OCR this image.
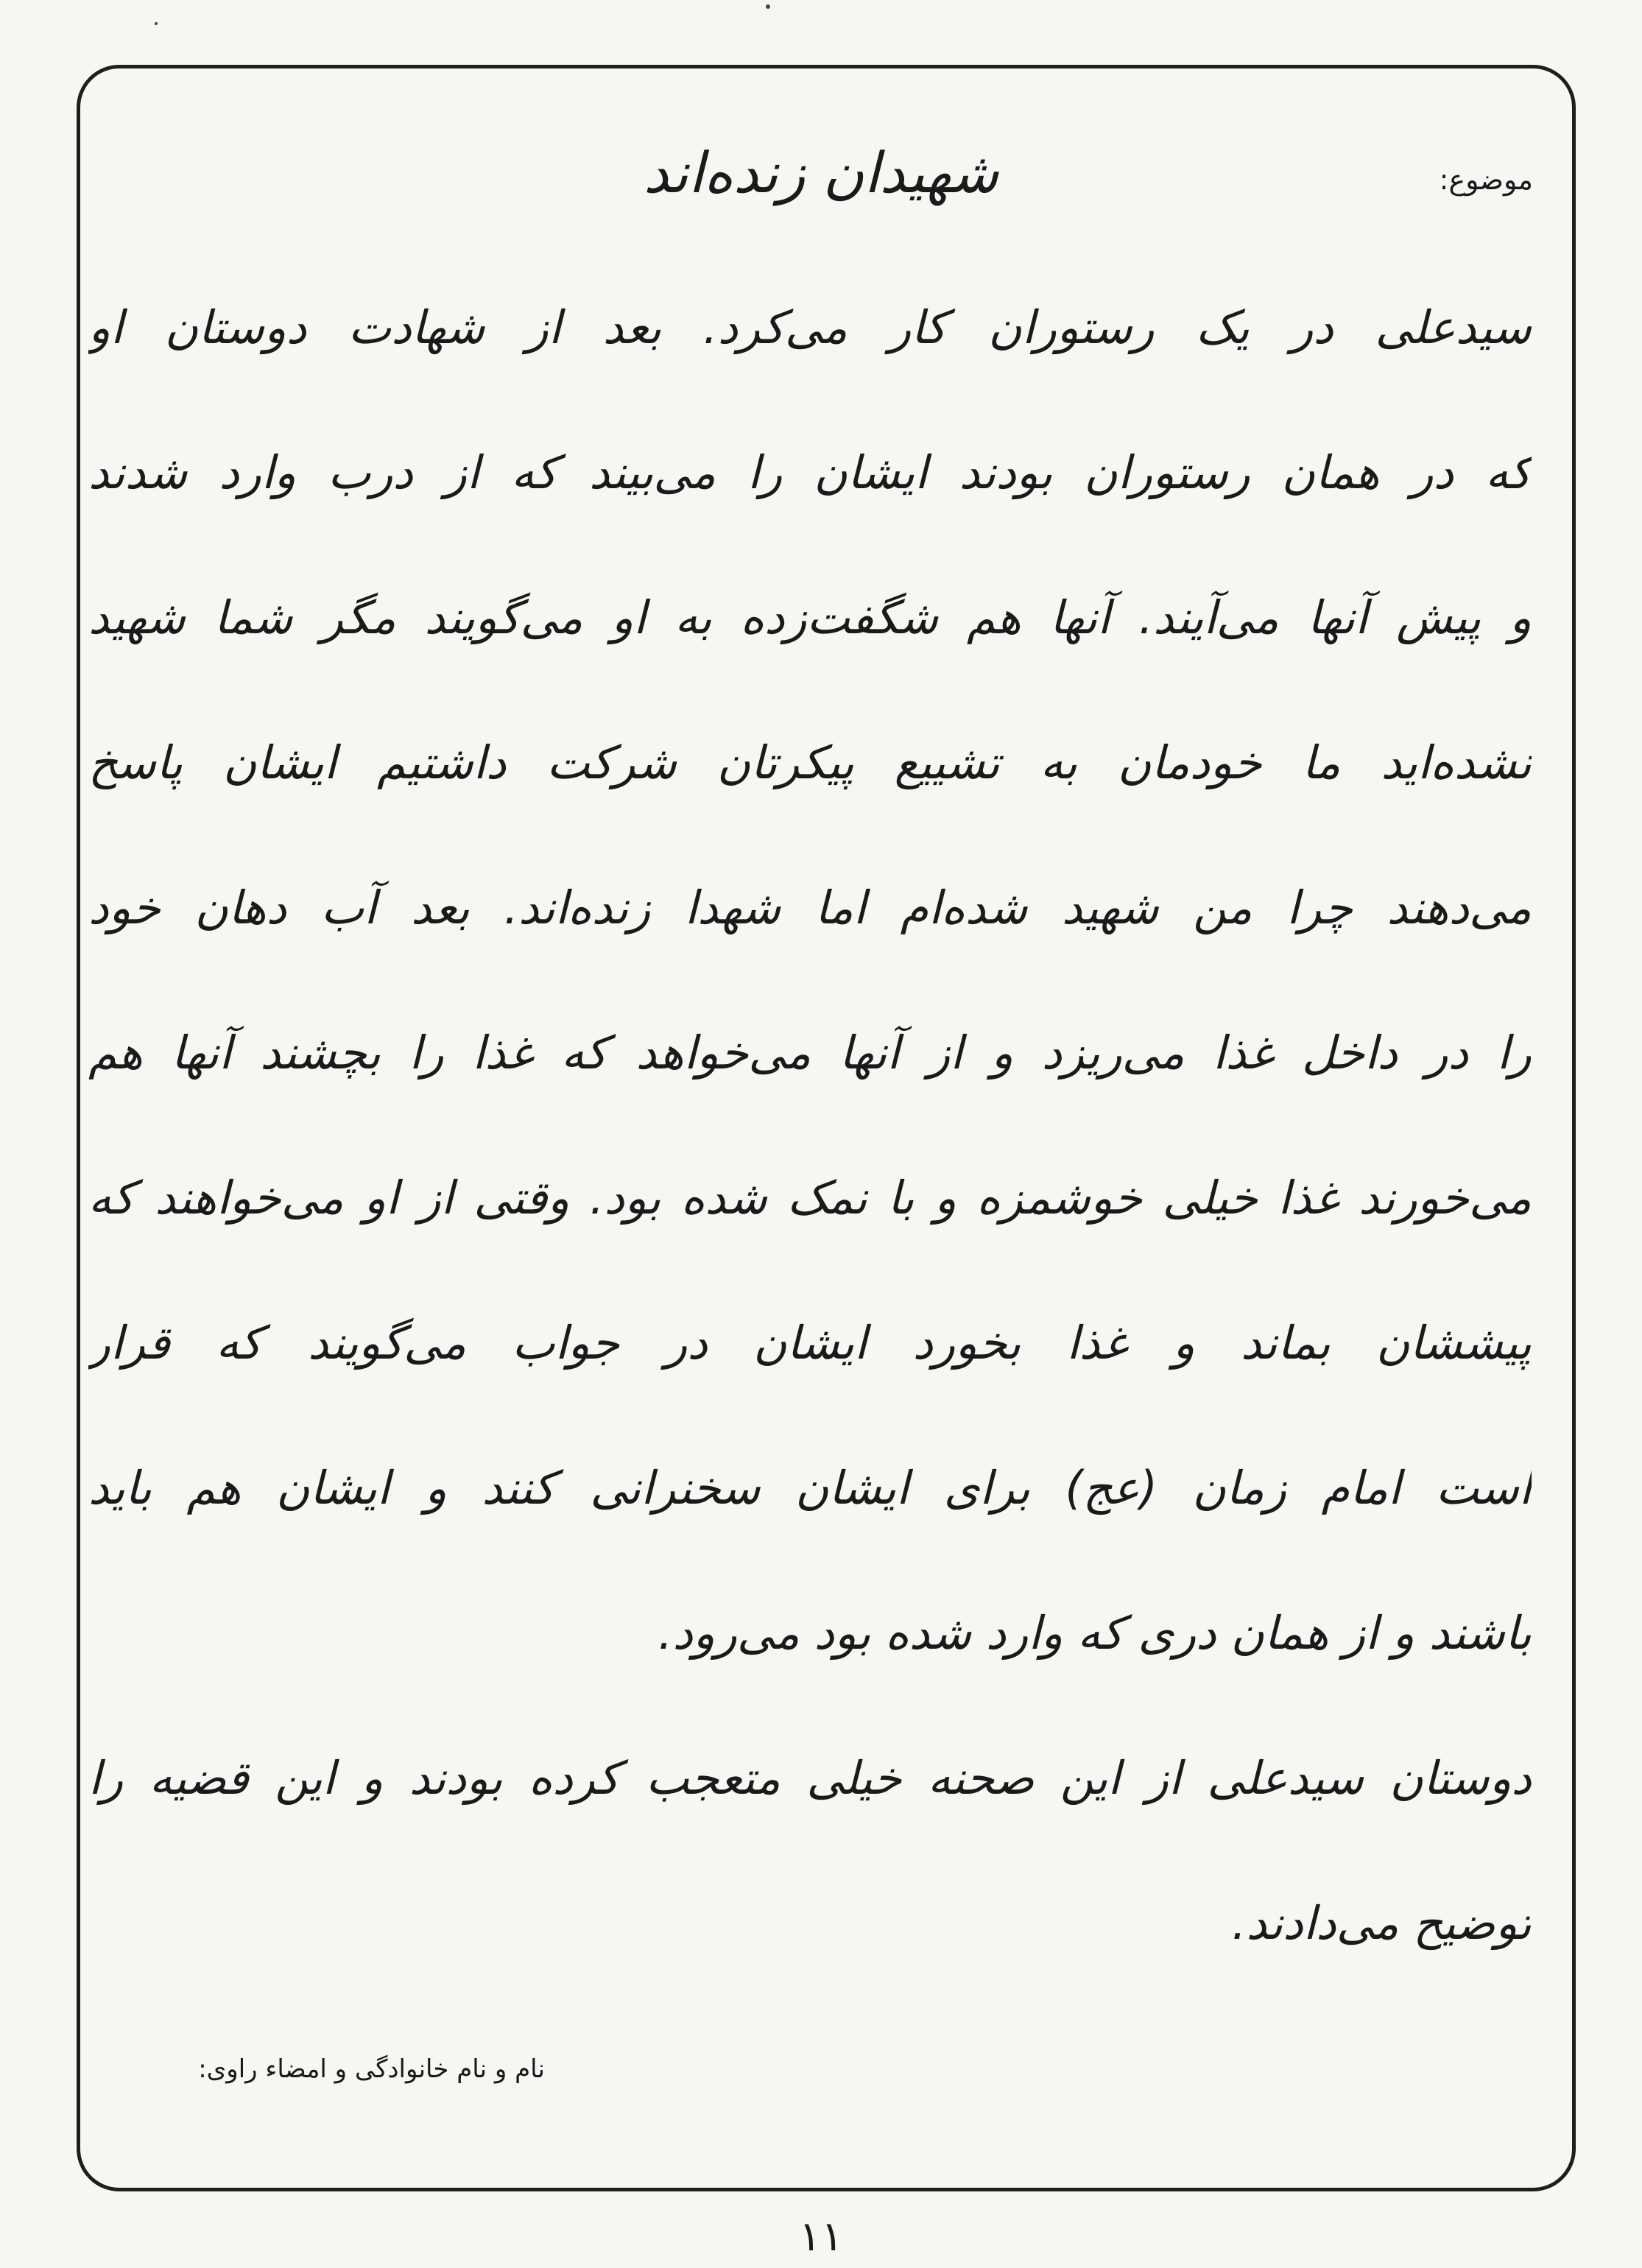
موضوع:
شهیدان زنده‌اند
سیدعلی در یک رستوران کار می‌کرد. بعد از شهادت دوستان او
که در همان رستوران بودند ایشان را می‌بیند که از درب وارد شدند
و پیش آنها می‌آیند. آنها هم شگفت‌زده به او می‌گویند مگر شما شهید
نشده‌اید ما خودمان به تشییع پیکرتان شرکت داشتیم ایشان پاسخ
می‌دهند چرا من شهید شده‌ام اما شهدا زنده‌اند. بعد آب دهان خود
را در داخل غذا می‌ریزد و از آنها می‌خواهد که غذا را بچشند آنها هم
می‌خورند غذا خیلی خوشمزه و با نمک شده بود. وقتی از او می‌خواهند که
پیششان بماند و غذا بخورد ایشان در جواب می‌گویند که قرار
است امام زمان (عج) برای ایشان سخنرانی کنند و ایشان هم باید
باشند و از همان دری که وارد شده بود می‌رود.
دوستان سیدعلی از این صحنه خیلی متعجب کرده بودند و این قضیه را
توضیح می‌دادند.
نام و نام خانوادگی و امضاء راوی:
۱۱
